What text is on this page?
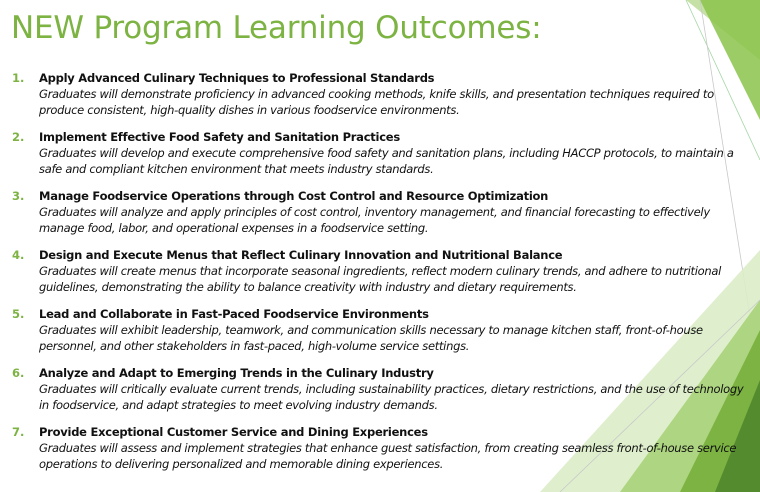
NEW Program Learning Outcomes:
1.	Apply Advanced Culinary Techniques to Professional Standards
Graduates will demonstrate proficiency in advanced cooking methods, knife skills, and presentation techniques required to produce consistent, high-quality dishes in various foodservice environments.
2.	Implement Effective Food Safety and Sanitation Practices
Graduates will develop and execute comprehensive food safety and sanitation plans, including HACCP protocols, to maintain a safe and compliant kitchen environment that meets industry standards.
3.	Manage Foodservice Operations through Cost Control and Resource Optimization
Graduates will analyze and apply principles of cost control, inventory management, and financial forecasting to effectively manage food, labor, and operational expenses in a foodservice setting.
4.	Design and Execute Menus that Reflect Culinary Innovation and Nutritional Balance
Graduates will create menus that incorporate seasonal ingredients, reflect modern culinary trends, and adhere to nutritional guidelines, demonstrating the ability to balance creativity with industry and dietary requirements.
5.	Lead and Collaborate in Fast-Paced Foodservice Environments
Graduates will exhibit leadership, teamwork, and communication skills necessary to manage kitchen staff, front-of-house personnel, and other stakeholders in fast-paced, high-volume service settings.
6.	Analyze and Adapt to Emerging Trends in the Culinary Industry
Graduates will critically evaluate current trends, including sustainability practices, dietary restrictions, and the use of technology in foodservice, and adapt strategies to meet evolving industry demands.
7.	Provide Exceptional Customer Service and Dining Experiences
Graduates will assess and implement strategies that enhance guest satisfaction, from creating seamless front-of-house service operations to delivering personalized and memorable dining experiences.
